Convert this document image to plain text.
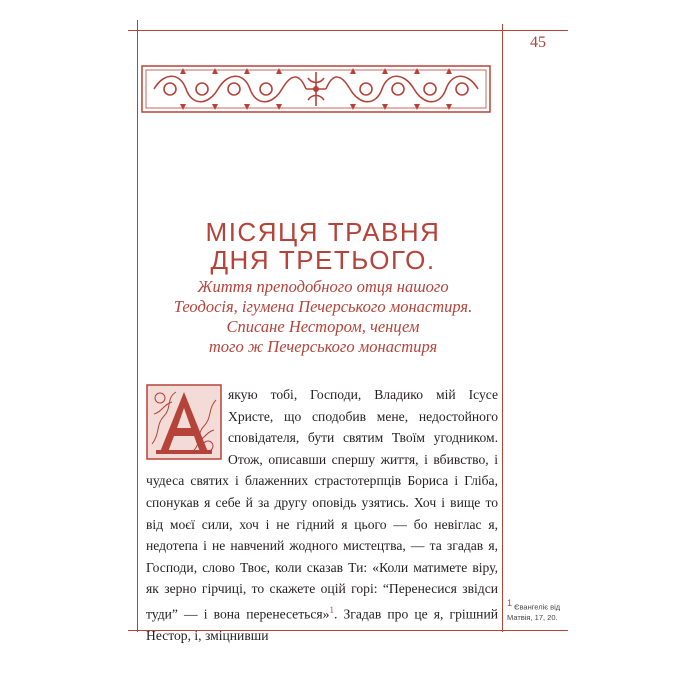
45
МІСЯЦЯ ТРАВНЯ
ДНЯ ТРЕТЬОГО.
Життя преподобного отця нашого
Теодосія, ігумена Печерського монастиря.
Списане Нестором, ченцем
того ж Печерського монастиря
якую тобі, Господи, Владико мій Ісусе Христе, що сподобив мене, недостойного сповідателя, бути святим Твоїм угодником. Отож, описавши спершу життя, і вбивство, і чудеса святих і блаженних страстотерпців Бориса і Гліба, спонукав я себе й за другу оповідь узятись. Хоч і вище то від моєї сили, хоч і не гідний я цього — бо невіглас я, недотепа і не навчений жодного мистецтва, — та згадав я, Господи, слово Твоє, коли сказав Ти: «Коли матимете віру, як зерно гірчиці, то скажете оцій горі: “Перенесися звідси туди” — і вона перенесеться»$^1$. Згадав про це я, грішний Нестор, і, зміцнивши
1 Євангеліє від Матвія, 17, 20.
